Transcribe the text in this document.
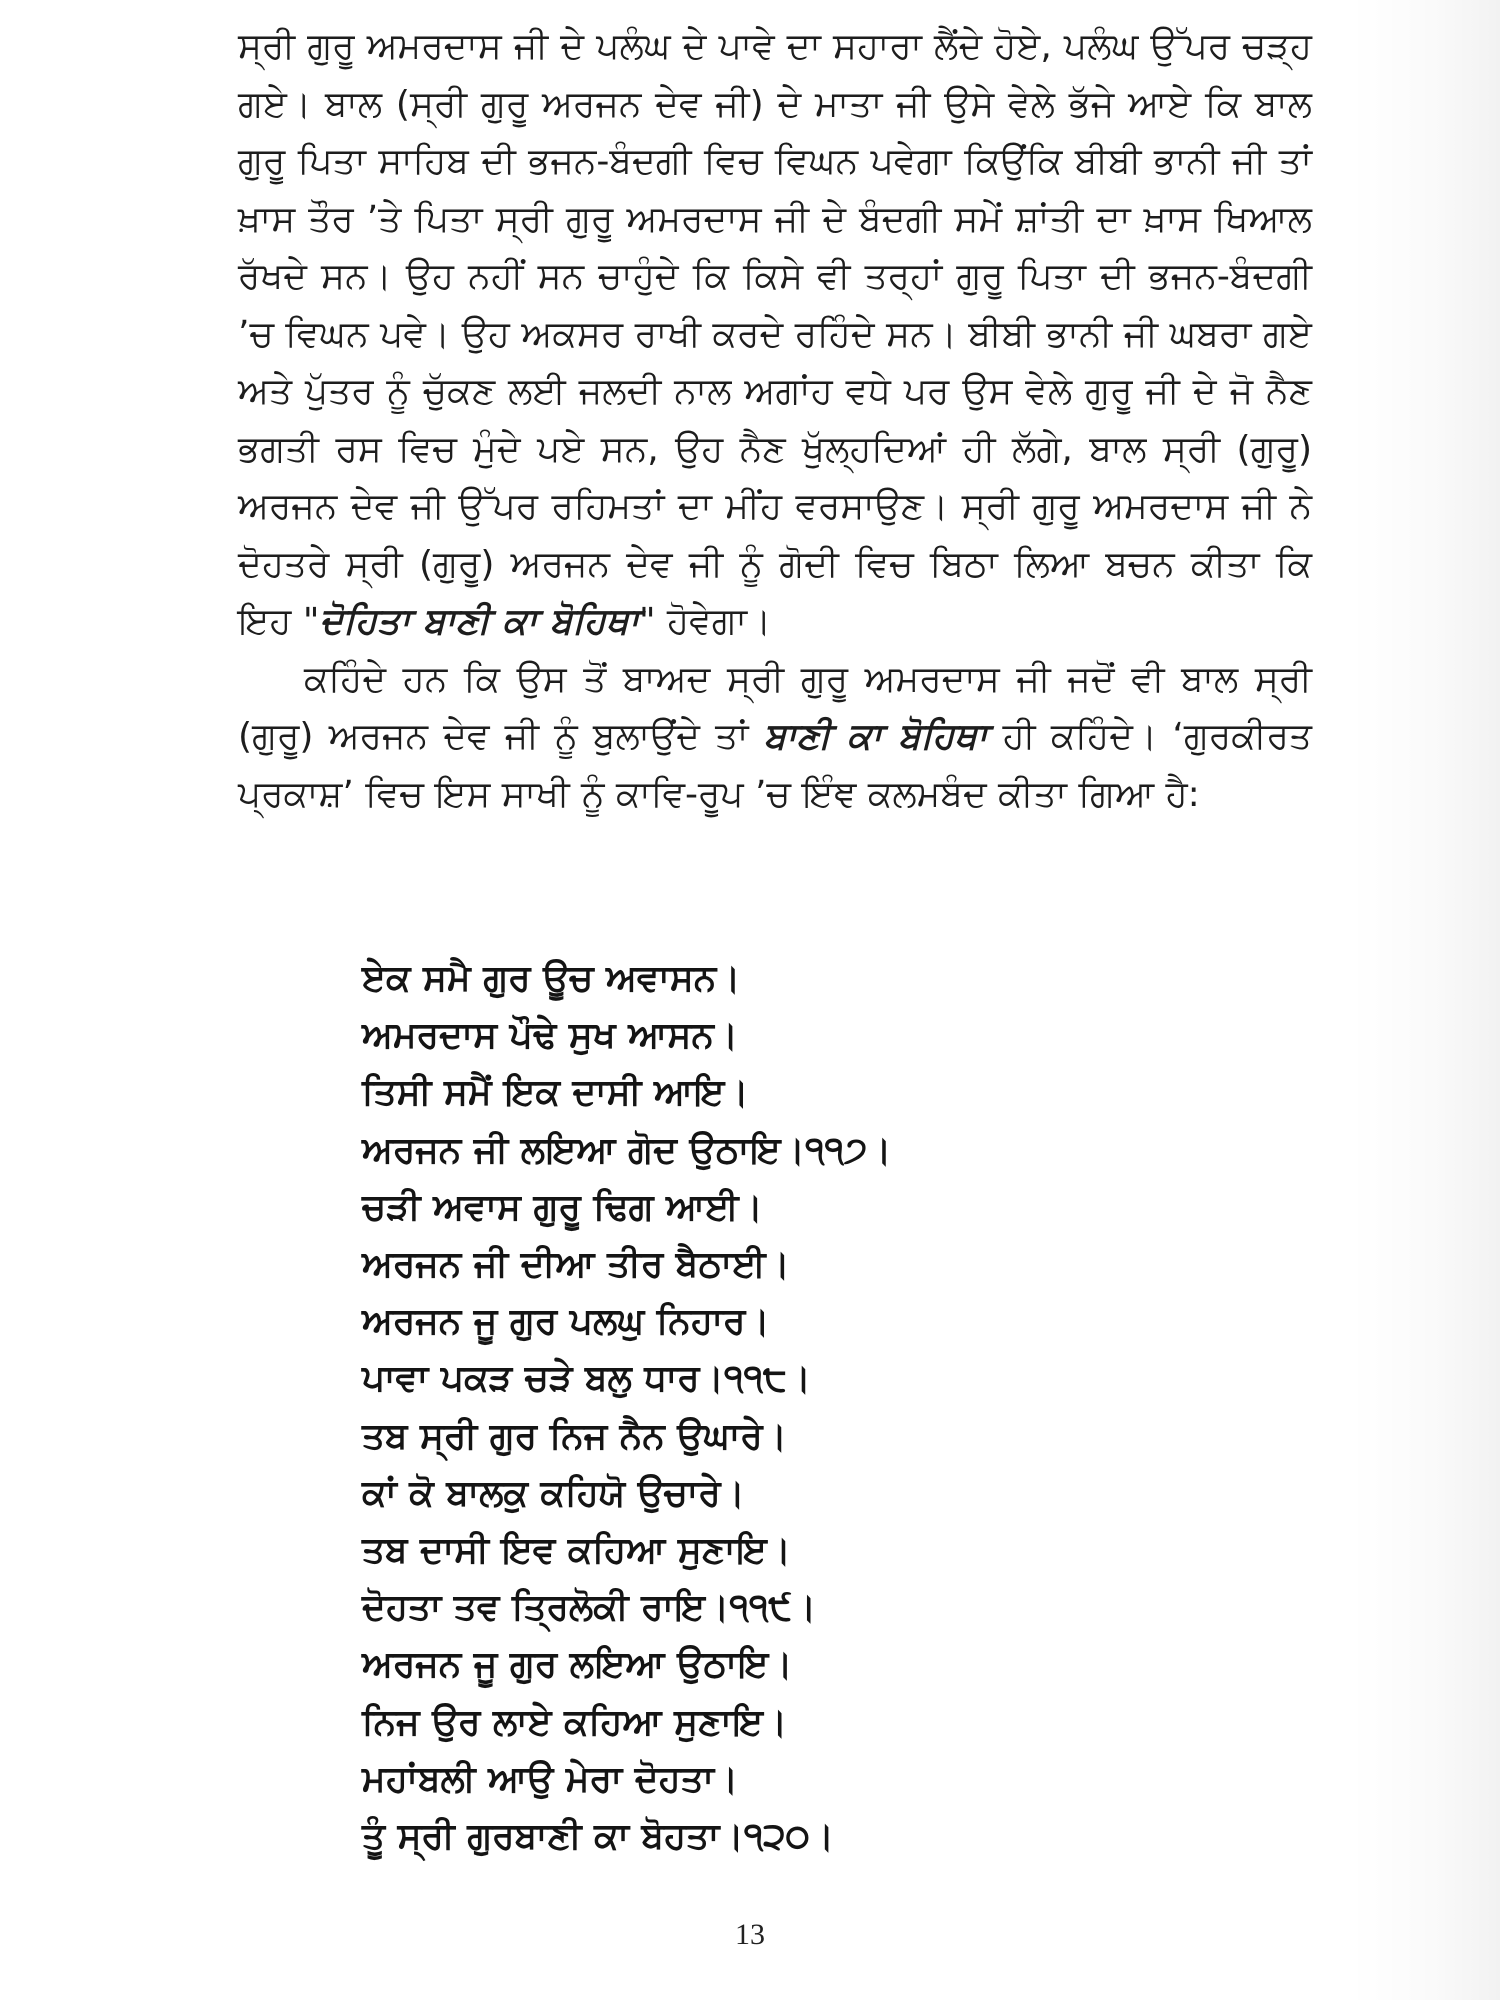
ਸ੍ਰੀ ਗੁਰੂ ਅਮਰਦਾਸ ਜੀ ਦੇ ਪਲੰਘ ਦੇ ਪਾਵੇ ਦਾ ਸਹਾਰਾ ਲੈਂਦੇ ਹੋਏ, ਪਲੰਘ ਉੱਪਰ ਚੜ੍ਹ ਗਏ। ਬਾਲ (ਸ੍ਰੀ ਗੁਰੂ ਅਰਜਨ ਦੇਵ ਜੀ) ਦੇ ਮਾਤਾ ਜੀ ਉਸੇ ਵੇਲੇ ਭੱਜੇ ਆਏ ਕਿ ਬਾਲ ਗੁਰੂ ਪਿਤਾ ਸਾਹਿਬ ਦੀ ਭਜਨ-ਬੰਦਗੀ ਵਿਚ ਵਿਘਨ ਪਵੇਗਾ ਕਿਉਂਕਿ ਬੀਬੀ ਭਾਨੀ ਜੀ ਤਾਂ ਖ਼ਾਸ ਤੌਰ ’ਤੇ ਪਿਤਾ ਸ੍ਰੀ ਗੁਰੂ ਅਮਰਦਾਸ ਜੀ ਦੇ ਬੰਦਗੀ ਸਮੇਂ ਸ਼ਾਂਤੀ ਦਾ ਖ਼ਾਸ ਖਿਆਲ ਰੱਖਦੇ ਸਨ। ਉਹ ਨਹੀਂ ਸਨ ਚਾਹੁੰਦੇ ਕਿ ਕਿਸੇ ਵੀ ਤਰ੍ਹਾਂ ਗੁਰੂ ਪਿਤਾ ਦੀ ਭਜਨ-ਬੰਦਗੀ ’ਚ ਵਿਘਨ ਪਵੇ। ਉਹ ਅਕਸਰ ਰਾਖੀ ਕਰਦੇ ਰਹਿੰਦੇ ਸਨ। ਬੀਬੀ ਭਾਨੀ ਜੀ ਘਬਰਾ ਗਏ ਅਤੇ ਪੁੱਤਰ ਨੂੰ ਚੁੱਕਣ ਲਈ ਜਲਦੀ ਨਾਲ ਅਗਾਂਹ ਵਧੇ ਪਰ ਉਸ ਵੇਲੇ ਗੁਰੂ ਜੀ ਦੇ ਜੋ ਨੈਣ ਭਗਤੀ ਰਸ ਵਿਚ ਮੁੰਦੇ ਪਏ ਸਨ, ਉਹ ਨੈਣ ਖੁੱਲ੍ਹਦਿਆਂ ਹੀ ਲੱਗੇ, ਬਾਲ ਸ੍ਰੀ (ਗੁਰੂ) ਅਰਜਨ ਦੇਵ ਜੀ ਉੱਪਰ ਰਹਿਮਤਾਂ ਦਾ ਮੀਂਹ ਵਰਸਾਉਣ। ਸ੍ਰੀ ਗੁਰੂ ਅਮਰਦਾਸ ਜੀ ਨੇ ਦੋਹਤਰੇ ਸ੍ਰੀ (ਗੁਰੂ) ਅਰਜਨ ਦੇਵ ਜੀ ਨੂੰ ਗੋਦੀ ਵਿਚ ਬਿਠਾ ਲਿਆ ਬਚਨ ਕੀਤਾ ਕਿ ਇਹ "ਦੋਹਿਤਾ ਬਾਣੀ ਕਾ ਬੋਹਿਥਾ" ਹੋਵੇਗਾ।

ਕਹਿੰਦੇ ਹਨ ਕਿ ਉਸ ਤੋਂ ਬਾਅਦ ਸ੍ਰੀ ਗੁਰੂ ਅਮਰਦਾਸ ਜੀ ਜਦੋਂ ਵੀ ਬਾਲ ਸ੍ਰੀ (ਗੁਰੂ) ਅਰਜਨ ਦੇਵ ਜੀ ਨੂੰ ਬੁਲਾਉਂਦੇ ਤਾਂ ਬਾਣੀ ਕਾ ਬੋਹਿਥਾ ਹੀ ਕਹਿੰਦੇ। ‘ਗੁਰਕੀਰਤ ਪ੍ਰਕਾਸ਼’ ਵਿਚ ਇਸ ਸਾਖੀ ਨੂੰ ਕਾਵਿ-ਰੂਪ ’ਚ ਇੰਞ ਕਲਮਬੰਦ ਕੀਤਾ ਗਿਆ ਹੈ:

ਏਕ ਸਮੈ ਗੁਰ ਊਚ ਅਵਾਸਨ।

ਅਮਰਦਾਸ ਪੌਢੇ ਸੁਖ ਆਸਨ।

ਤਿਸੀ ਸਮੈਂ ਇਕ ਦਾਸੀ ਆਇ।

ਅਰਜਨ ਜੀ ਲਇਆ ਗੋਦ ਉਠਾਇ।੧੧੭।

ਚੜੀ ਅਵਾਸ ਗੁਰੂ ਢਿਗ ਆਈ।

ਅਰਜਨ ਜੀ ਦੀਆ ਤੀਰ ਬੈਠਾਈ।

ਅਰਜਨ ਜੂ ਗੁਰ ਪਲਘੁ ਨਿਹਾਰ।

ਪਾਵਾ ਪਕੜ ਚੜੇ ਬਲੁ ਧਾਰ।੧੧੮।

ਤਬ ਸ੍ਰੀ ਗੁਰ ਨਿਜ ਨੈਨ ਉਘਾਰੇ।

ਕਾਂ ਕੋ ਬਾਲਕੁ ਕਹਿਯੋ ਉਚਾਰੇ।

ਤਬ ਦਾਸੀ ਇਵ ਕਹਿਆ ਸੁਣਾਇ।

ਦੋਹਤਾ ਤਵ ਤ੍ਰਿਲੋਕੀ ਰਾਇ।੧੧੯।

ਅਰਜਨ ਜੂ ਗੁਰ ਲਇਆ ਉਠਾਇ।

ਨਿਜ ਉਰ ਲਾਏ ਕਹਿਆ ਸੁਣਾਇ।

ਮਹਾਂਬਲੀ ਆਉ ਮੇਰਾ ਦੋਹਤਾ।

ਤੂੰ ਸ੍ਰੀ ਗੁਰਬਾਣੀ ਕਾ ਬੋਹਤਾ।੧੨੦।

13
